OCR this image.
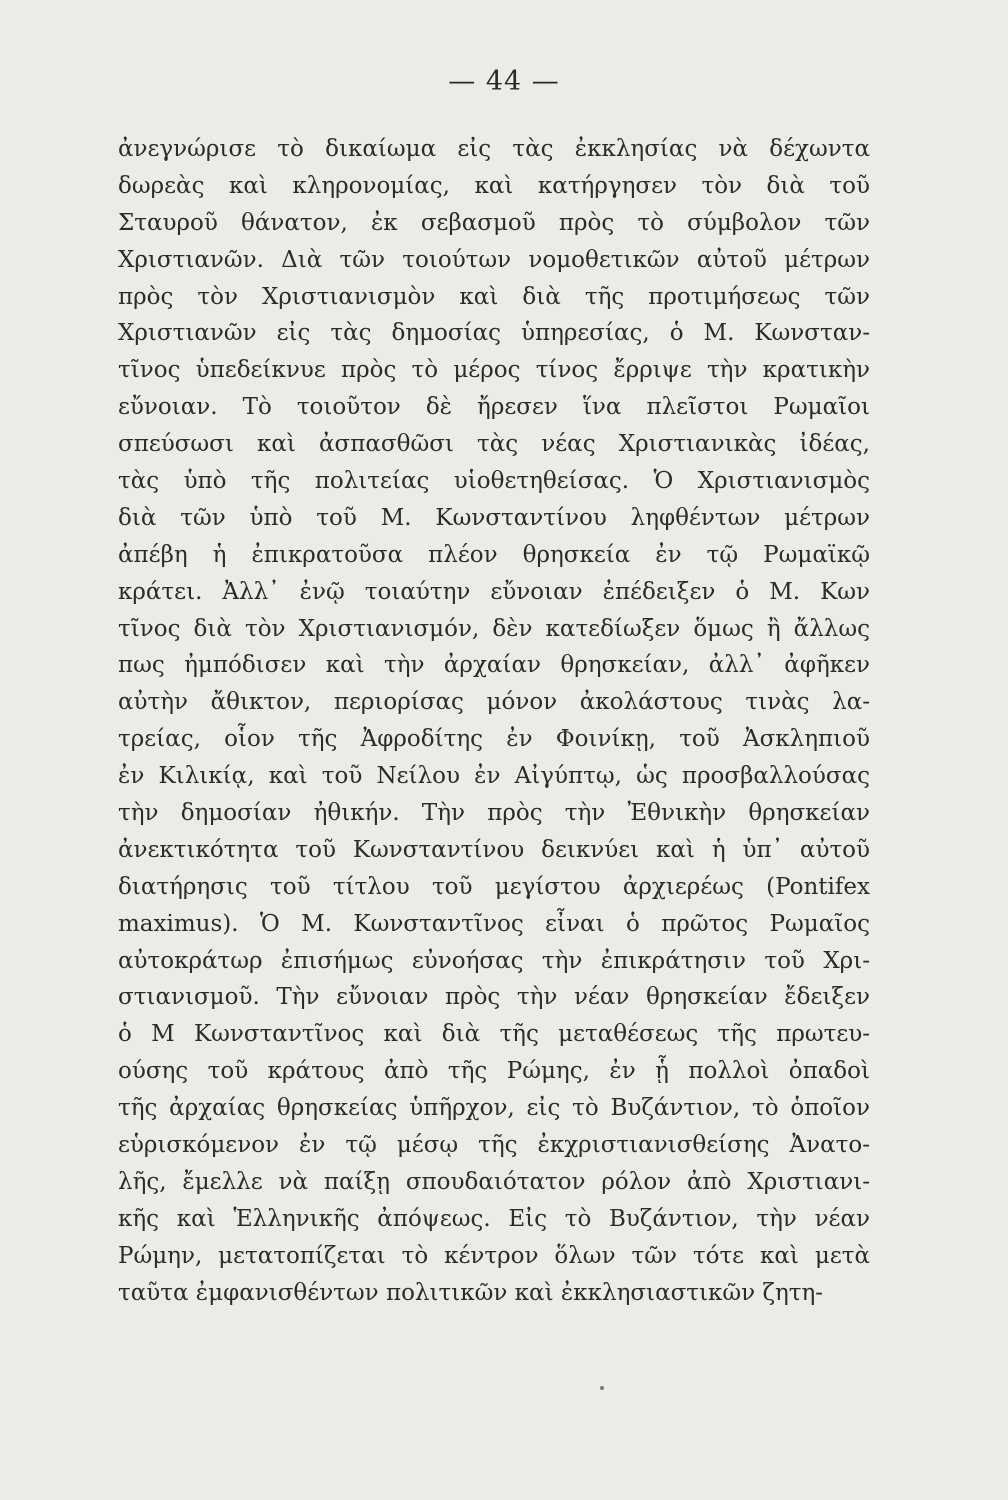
— 44 —
ἀνεγνώρισε τὸ δικαίωμα εἰς τὰς ἐκκλησίας νὰ δέχωντα
δωρεὰς καὶ κληρονομίας, καὶ κατήργησεν τὸν διὰ τοῦ
Σταυροῦ θάνατον, ἐκ σεβασμοῦ πρὸς τὸ σύμβολον τῶν
Χριστιανῶν. Διὰ τῶν τοιούτων νομοθετικῶν αὐτοῦ μέτρων
πρὸς τὸν Χριστιανισμὸν καὶ διὰ τῆς προτιμήσεως τῶν
Χριστιανῶν εἰς τὰς δημοσίας ὑπηρεσίας, ὁ Μ. Κωνσταν-
τῖνος ὑπεδείκνυε πρὸς τὸ μέρος τίνος ἔρριψε τὴν κρατικὴν
εὔνοιαν. Τὸ τοιοῦτον δὲ ἤρεσεν ἵνα πλεῖστοι Ρωμαῖοι
σπεύσωσι καὶ ἀσπασθῶσι τὰς νέας Χριστιανικὰς ἰδέας,
τὰς ὑπὸ τῆς πολιτείας υἱοθετηθείσας. Ὁ Χριστιανισμὸς
διὰ τῶν ὑπὸ τοῦ Μ. Κωνσταντίνου ληφθέντων μέτρων
ἀπέβη ἡ ἐπικρατοῦσα πλέον θρησκεία ἐν τῷ Ρωμαϊκῷ
κράτει. Ἀλλ᾽ ἐνῷ τοιαύτην εὔνοιαν ἐπέδειξεν ὁ Μ. Κων
τῖνος διὰ τὸν Χριστιανισμόν, δὲν κατεδίωξεν ὅμως ἢ ἄλλως
πως ἠμπόδισεν καὶ τὴν ἀρχαίαν θρησκείαν, ἀλλ᾽ ἀφῆκεν
αὐτὴν ἄθικτον, περιορίσας μόνον ἀκολάστους τινὰς λα-
τρείας, οἷον τῆς Ἀφροδίτης ἐν Φοινίκῃ, τοῦ Ἀσκληπιοῦ
ἐν Κιλικίᾳ, καὶ τοῦ Νείλου ἐν Αἰγύπτῳ, ὡς προσβαλλούσας
τὴν δημοσίαν ἠθικήν. Τὴν πρὸς τὴν Ἐθνικὴν θρησκείαν
ἀνεκτικότητα τοῦ Κωνσταντίνου δεικνύει καὶ ἡ ὑπ᾽ αὐτοῦ
διατήρησις τοῦ τίτλου τοῦ μεγίστου ἀρχιερέως (Pontifex
maximus). Ὁ Μ. Κωνσταντῖνος εἶναι ὁ πρῶτος Ρωμαῖος
αὐτοκράτωρ ἐπισήμως εὐνοήσας τὴν ἐπικράτησιν τοῦ Χρι-
στιανισμοῦ. Τὴν εὔνοιαν πρὸς τὴν νέαν θρησκείαν ἔδειξεν
ὁ Μ Κωνσταντῖνος καὶ διὰ τῆς μεταθέσεως τῆς πρωτευ-
ούσης τοῦ κράτους ἀπὸ τῆς Ρώμης, ἐν ᾗ πολλοὶ ὀπαδοὶ
τῆς ἀρχαίας θρησκείας ὑπῆρχον, εἰς τὸ Βυζάντιον, τὸ ὁποῖον
εὑρισκόμενον ἐν τῷ μέσῳ τῆς ἐκχριστιανισθείσης Ἀνατο-
λῆς, ἔμελλε νὰ παίξῃ σπουδαιότατον ρόλον ἀπὸ Χριστιανι-
κῆς καὶ Ἑλληνικῆς ἀπόψεως. Εἰς τὸ Βυζάντιον, τὴν νέαν
Ρώμην, μετατοπίζεται τὸ κέντρον ὅλων τῶν τότε καὶ μετὰ
ταῦτα ἐμφανισθέντων πολιτικῶν καὶ ἐκκλησιαστικῶν ζητη-
